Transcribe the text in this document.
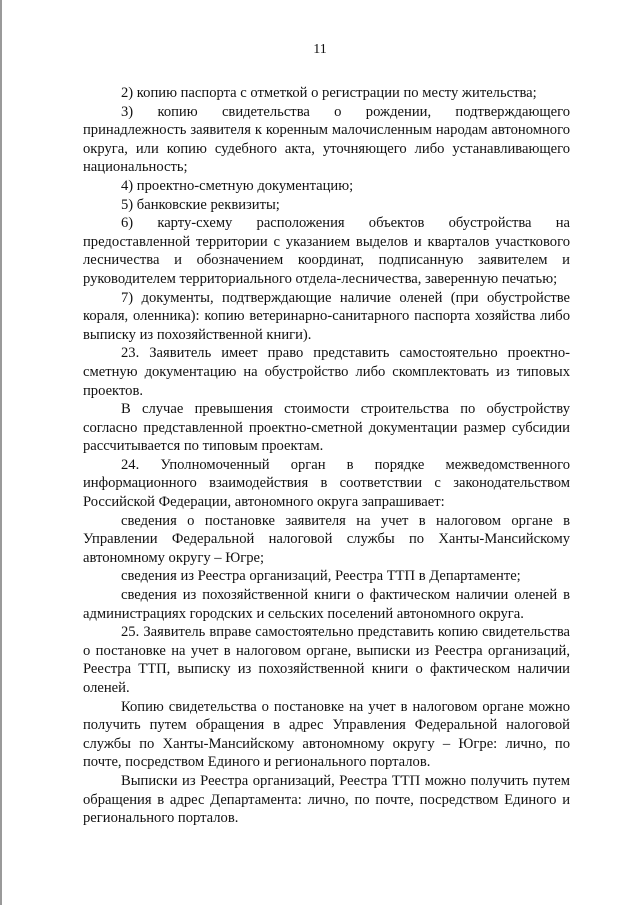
11

2) копию паспорта с отметкой о регистрации по месту жительства;

3) копию свидетельства о рождении, подтверждающего принадлежность заявителя к коренным малочисленным народам автономного округа, или копию судебного акта, уточняющего либо устанавливающего национальность;

4) проектно-сметную документацию;

5) банковские реквизиты;

6) карту-схему расположения объектов обустройства на предоставленной территории с указанием выделов и кварталов участкового лесничества и обозначением координат, подписанную заявителем и руководителем территориального отдела-лесничества, заверенную печатью;

7) документы, подтверждающие наличие оленей (при обустройстве кораля, оленника): копию ветеринарно-санитарного паспорта хозяйства либо выписку из похозяйственной книги).

23. Заявитель имеет право представить самостоятельно проектно-сметную документацию на обустройство либо скомплектовать из типовых проектов.

В случае превышения стоимости строительства по обустройству согласно представленной проектно-сметной документации размер субсидии рассчитывается по типовым проектам.

24. Уполномоченный орган в порядке межведомственного информационного взаимодействия в соответствии с законодательством Российской Федерации, автономного округа запрашивает:

сведения о постановке заявителя на учет в налоговом органе в Управлении Федеральной налоговой службы по Ханты-Мансийскому автономному округу – Югре;

сведения из Реестра организаций, Реестра ТТП в Департаменте;

сведения из похозяйственной книги о фактическом наличии оленей в администрациях городских и сельских поселений автономного округа.

25. Заявитель вправе самостоятельно представить копию свидетельства о постановке на учет в налоговом органе, выписки из Реестра организаций, Реестра ТТП, выписку из похозяйственной книги о фактическом наличии оленей.

Копию свидетельства о постановке на учет в налоговом органе можно получить путем обращения в адрес Управления Федеральной налоговой службы по Ханты-Мансийскому автономному округу – Югре: лично, по почте, посредством Единого и регионального порталов.

Выписки из Реестра организаций, Реестра ТТП можно получить путем обращения в адрес Департамента: лично, по почте, посредством Единого и регионального порталов.
